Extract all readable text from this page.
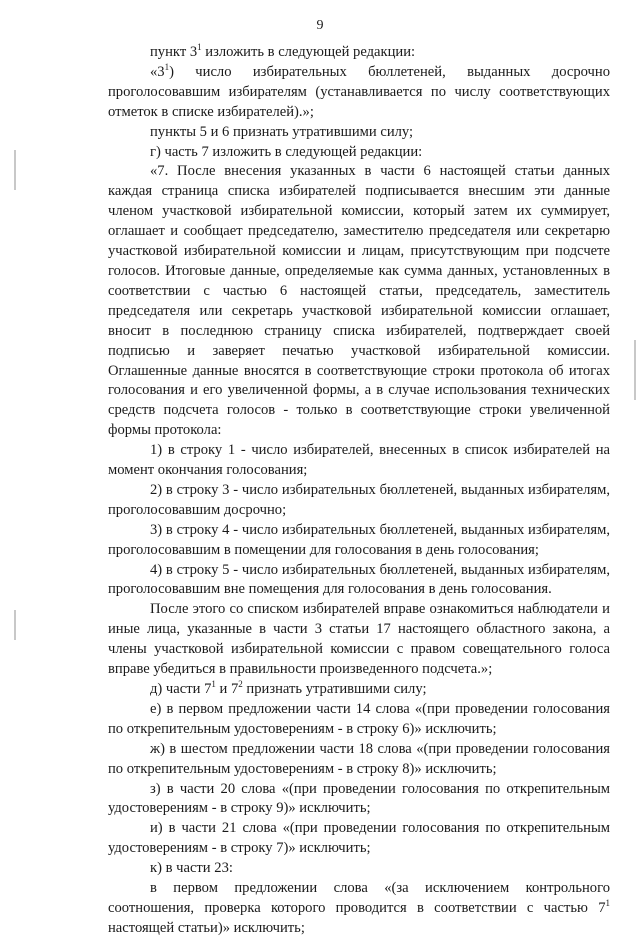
9

пункт $3^1$ изложить в следующей редакции:

«$3^1$) число избирательных бюллетеней, выданных досрочно проголосовавшим избирателям (устанавливается по числу соответствующих отметок в списке избирателей).»;

пункты 5 и 6 признать утратившими силу;

г) часть 7 изложить в следующей редакции:

«7. После внесения указанных в части 6 настоящей статьи данных каждая страница списка избирателей подписывается внесшим эти данные членом участковой избирательной комиссии, который затем их суммирует, оглашает и сообщает председателю, заместителю председателя или секретарю участковой избирательной комиссии и лицам, присутствующим при подсчете голосов. Итоговые данные, определяемые как сумма данных, установленных в соответствии с частью 6 настоящей статьи, председатель, заместитель председателя или секретарь участковой избирательной комиссии оглашает, вносит в последнюю страницу списка избирателей, подтверждает своей подписью и заверяет печатью участковой избирательной комиссии. Оглашенные данные вносятся в соответствующие строки протокола об итогах голосования и его увеличенной формы, а в случае использования технических средств подсчета голосов - только в соответствующие строки увеличенной формы протокола:

1) в строку 1 - число избирателей, внесенных в список избирателей на момент окончания голосования;

2) в строку 3 - число избирательных бюллетеней, выданных избирателям, проголосовавшим досрочно;

3) в строку 4 - число избирательных бюллетеней, выданных избирателям, проголосовавшим в помещении для голосования в день голосования;

4) в строку 5 - число избирательных бюллетеней, выданных избирателям, проголосовавшим вне помещения для голосования в день голосования.

После этого со списком избирателей вправе ознакомиться наблюдатели и иные лица, указанные в части 3 статьи 17 настоящего областного закона, а члены участковой избирательной комиссии с правом совещательного голоса вправе убедиться в правильности произведенного подсчета.»;

д) части $7^1$ и $7^2$ признать утратившими силу;

е) в первом предложении части 14 слова «(при проведении голосования по открепительным удостоверениям - в строку 6)» исключить;

ж) в шестом предложении части 18 слова «(при проведении голосования по открепительным удостоверениям - в строку 8)» исключить;

з) в части 20 слова «(при проведении голосования по открепительным удостоверениям - в строку 9)» исключить;

и) в части 21 слова «(при проведении голосования по открепительным удостоверениям - в строку 7)» исключить;

к) в части 23:

в первом предложении слова «(за исключением контрольного соотношения, проверка которого проводится в соответствии с частью $7^1$ настоящей статьи)» исключить;
